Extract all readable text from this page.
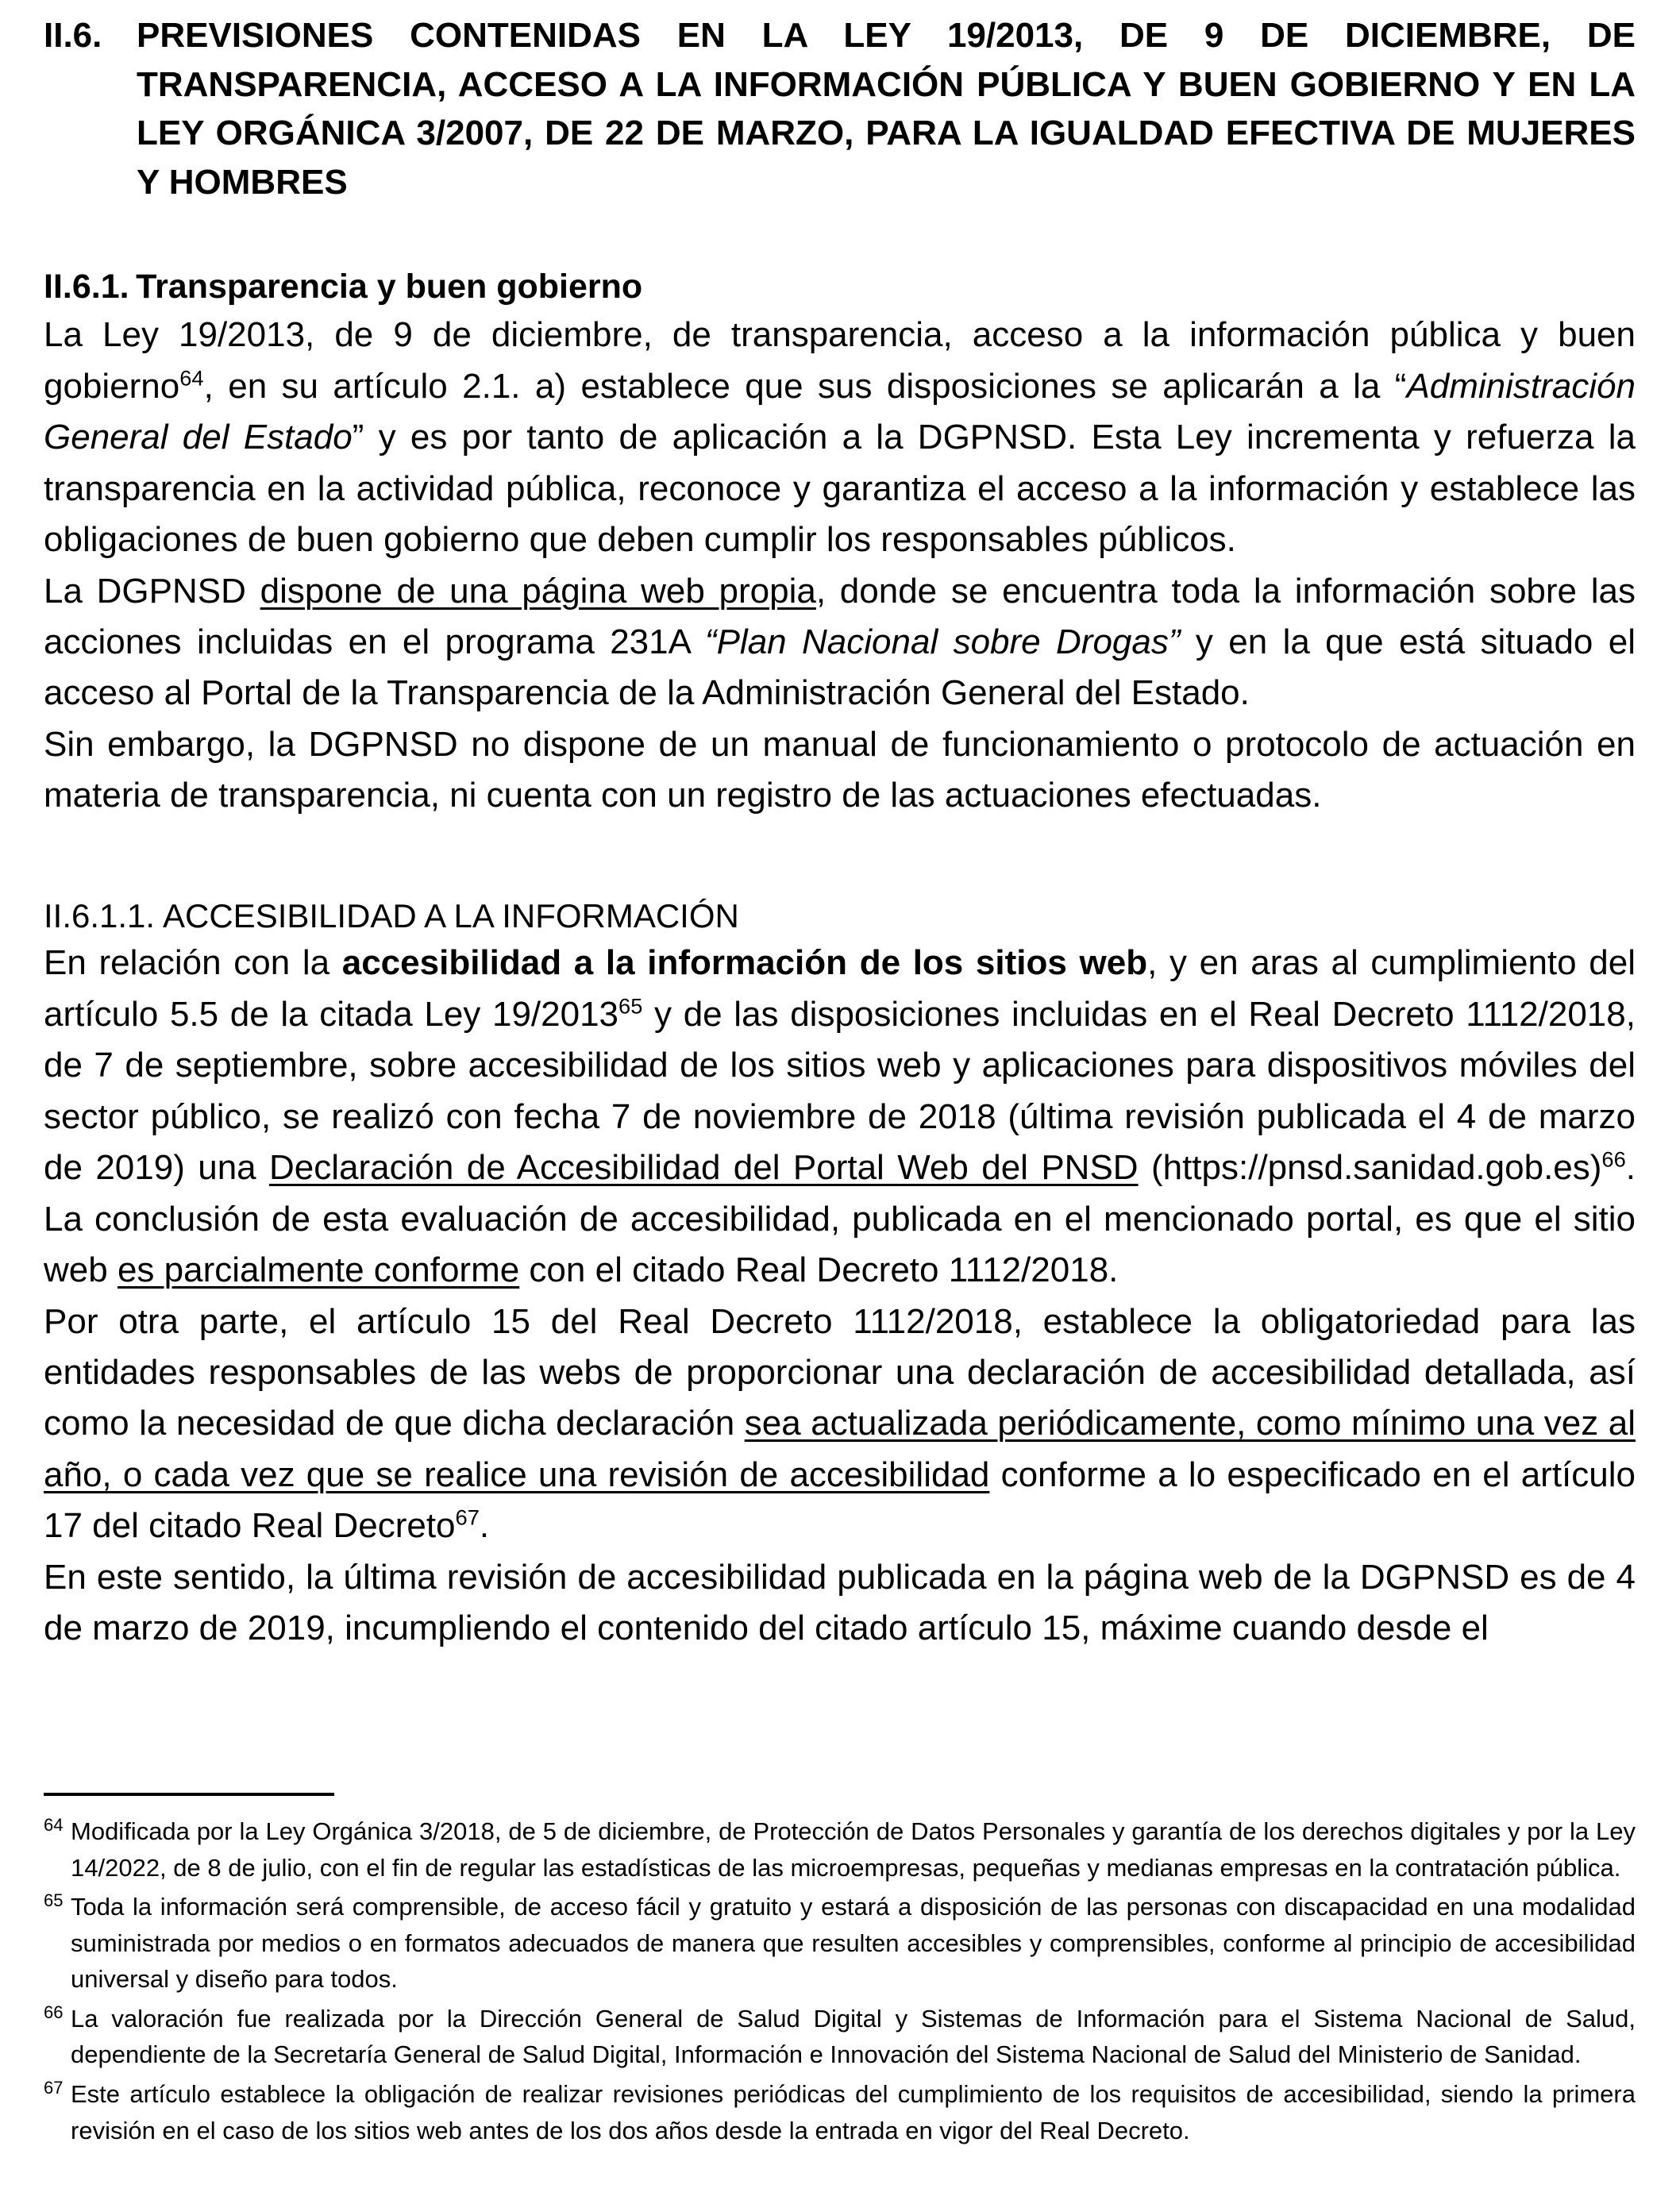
II.6. PREVISIONES CONTENIDAS EN LA LEY 19/2013, DE 9 DE DICIEMBRE, DE TRANSPARENCIA, ACCESO A LA INFORMACIÓN PÚBLICA Y BUEN GOBIERNO Y EN LA LEY ORGÁNICA 3/2007, DE 22 DE MARZO, PARA LA IGUALDAD EFECTIVA DE MUJERES Y HOMBRES
II.6.1. Transparencia y buen gobierno

La Ley 19/2013, de 9 de diciembre, de transparencia, acceso a la información pública y buen gobierno$^{64}$, en su artículo 2.1. a) establece que sus disposiciones se aplicarán a la “Administración General del Estado” y es por tanto de aplicación a la DGPNSD. Esta Ley incrementa y refuerza la transparencia en la actividad pública, reconoce y garantiza el acceso a la información y establece las obligaciones de buen gobierno que deben cumplir los responsables públicos.

La DGPNSD dispone de una página web propia, donde se encuentra toda la información sobre las acciones incluidas en el programa 231A “Plan Nacional sobre Drogas” y en la que está situado el acceso al Portal de la Transparencia de la Administración General del Estado.

Sin embargo, la DGPNSD no dispone de un manual de funcionamiento o protocolo de actuación en materia de transparencia, ni cuenta con un registro de las actuaciones efectuadas.

II.6.1.1. ACCESIBILIDAD A LA INFORMACIÓN

En relación con la accesibilidad a la información de los sitios web, y en aras al cumplimiento del artículo 5.5 de la citada Ley 19/2013$^{65}$ y de las disposiciones incluidas en el Real Decreto 1112/2018, de 7 de septiembre, sobre accesibilidad de los sitios web y aplicaciones para dispositivos móviles del sector público, se realizó con fecha 7 de noviembre de 2018 (última revisión publicada el 4 de marzo de 2019) una Declaración de Accesibilidad del Portal Web del PNSD (https://pnsd.sanidad.gob.es)$^{66}$. La conclusión de esta evaluación de accesibilidad, publicada en el mencionado portal, es que el sitio web es parcialmente conforme con el citado Real Decreto 1112/2018.

Por otra parte, el artículo 15 del Real Decreto 1112/2018, establece la obligatoriedad para las entidades responsables de las webs de proporcionar una declaración de accesibilidad detallada, así como la necesidad de que dicha declaración sea actualizada periódicamente, como mínimo una vez al año, o cada vez que se realice una revisión de accesibilidad conforme a lo especificado en el artículo 17 del citado Real Decreto$^{67}$.

En este sentido, la última revisión de accesibilidad publicada en la página web de la DGPNSD es de 4 de marzo de 2019, incumpliendo el contenido del citado artículo 15, máxime cuando desde el

64 Modificada por la Ley Orgánica 3/2018, de 5 de diciembre, de Protección de Datos Personales y garantía de los derechos digitales y por la Ley 14/2022, de 8 de julio, con el fin de regular las estadísticas de las microempresas, pequeñas y medianas empresas en la contratación pública.
65 Toda la información será comprensible, de acceso fácil y gratuito y estará a disposición de las personas con discapacidad en una modalidad suministrada por medios o en formatos adecuados de manera que resulten accesibles y comprensibles, conforme al principio de accesibilidad universal y diseño para todos.
66 La valoración fue realizada por la Dirección General de Salud Digital y Sistemas de Información para el Sistema Nacional de Salud, dependiente de la Secretaría General de Salud Digital, Información e Innovación del Sistema Nacional de Salud del Ministerio de Sanidad.
67 Este artículo establece la obligación de realizar revisiones periódicas del cumplimiento de los requisitos de accesibilidad, siendo la primera revisión en el caso de los sitios web antes de los dos años desde la entrada en vigor del Real Decreto.
